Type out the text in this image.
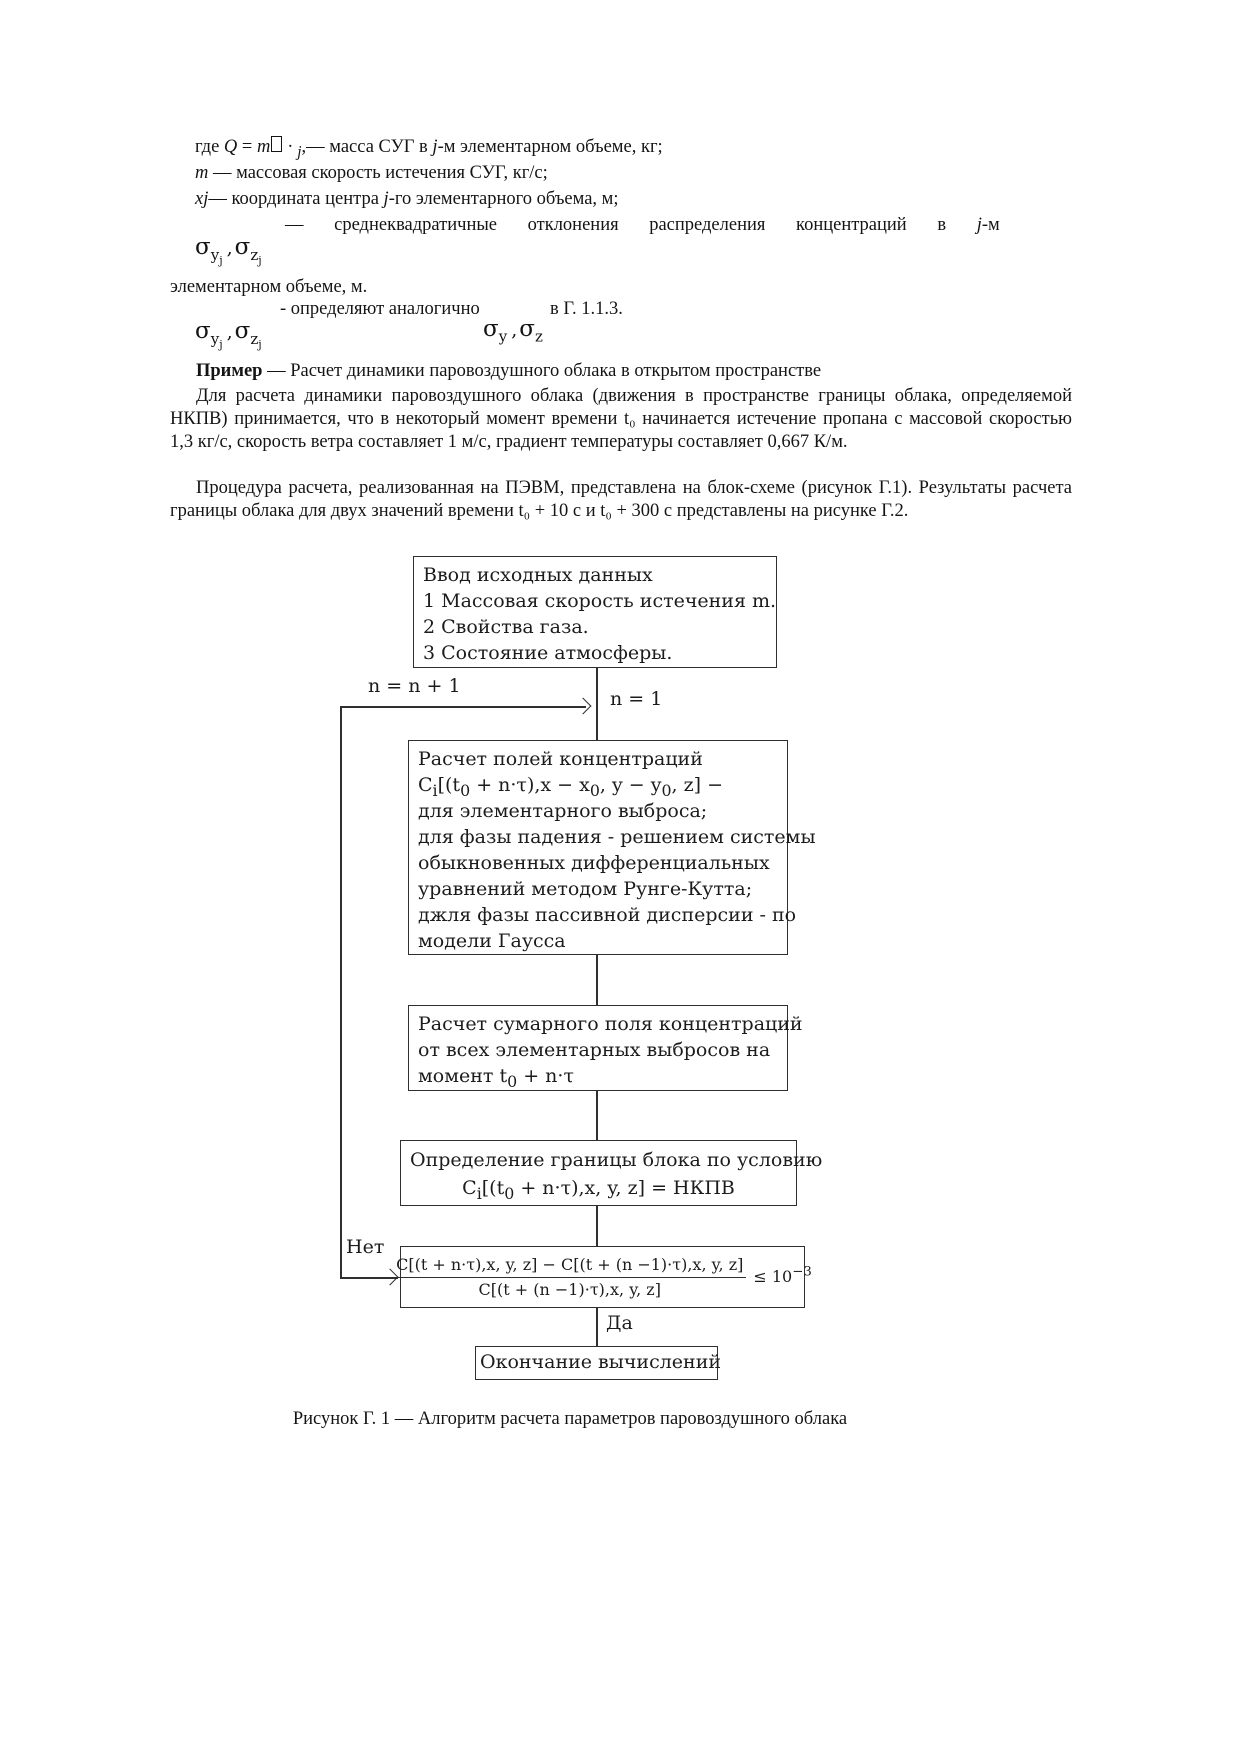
где Q = m ∙ $_j$,— масса СУГ в j-м элементарном объеме, кг;
m — массовая скорость истечения СУГ, кг/с;
xj— координата центра j-го элементарного объема, м;
— среднеквадратичные отклонения распределения концентраций в j-м
$\sigma_{y_j},\sigma_{z_j}$
элементарном объеме, м.
- определяют аналогично	в Г. 1.1.3.
$\sigma_{y_j},\sigma_{z_j}$
$\sigma_y$ $,\sigma_z$
Пример — Расчет динамики паровоздушного облака в открытом пространстве
Для расчета динамики паровоздушного облака (движения в пространстве границы облака, определяемой НКПВ) принимается, что в некоторый момент времени t₀ начинается истечение пропана с массовой скоростью 1,3 кг/с, скорость ветра составляет 1 м/с, градиент температуры составляет 0,667 К/м.
Процедура расчета, реализованная на ПЭВМ, представлена на блок-схеме (рисунок Г.1). Результаты расчета границы облака для двух значений времени t₀ + 10 с и t₀ + 300 с представлены на рисунке Г.2.
Ввод исходных данных
1 Массовая скорость истечения m.
2 Свойства газа.
3 Состояние атмосферы.
n = n + 1
n = 1
Расчет полей концентраций
$C_i[(t_0 + n\cdot\tau),x - x_0$, $y - y_0$, z] −
для элементарного выброса;
для фазы падения - решением системы
обыкновенных дифференциальных
уравнений методом Рунге-Кутта;
джля фазы пассивной дисперсии - по
модели Гаусса
Расчет сумарного поля концентраций
от всех элементарных выбросов на
момент $t_0 + n\cdot\tau$
Определение границы блока по условию
$C_i[(t_0 + n\cdot\tau),x$, y, z] = НКПВ
Нет
$\frac{C[(t + n\cdot\tau),x, y, z] - C[(t + (n -1)\cdot\tau),x, y, z]}{C[(t + (n -1)\cdot\tau),x, y, z]} \le 10^{-3}$
Да
Окончание вычислений
Рисунок Г. 1 — Алгоритм расчета параметров паровоздушного облака
